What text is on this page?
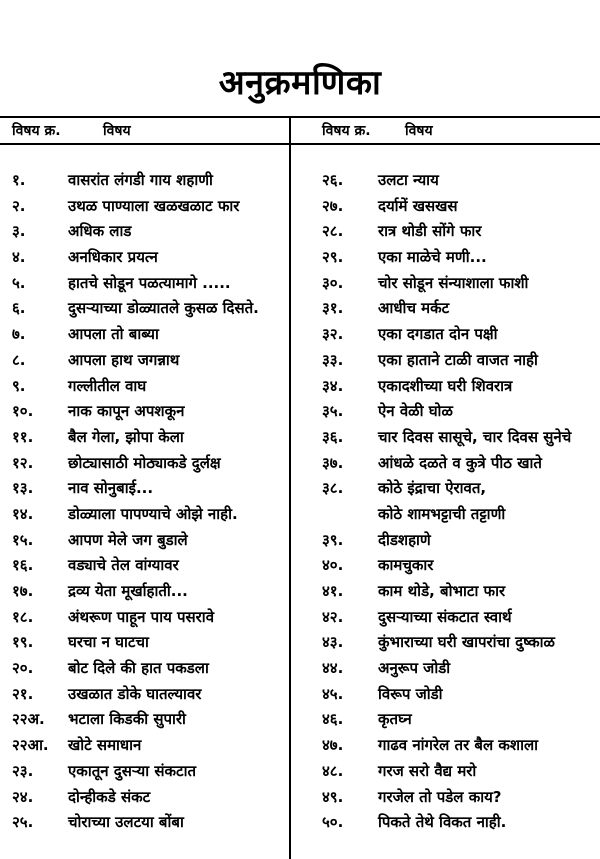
अनुक्रमणिका
विषय क्र.	विषय	विषय क्र. विषय
१.	वासरांत लंगडी गाय शहाणी
२.	उथळ पाण्याला खळखळाट फार
३.	अधिक लाड
४.	अनधिकार प्रयत्न
५.	हातचे सोडून पळत्यामागे .....
६.	दुसऱ्याच्या डोळ्यातले कुसळ दिसते.
७.	आपला तो बाब्या
८.	आपला हाथ जगन्नाथ
९.	गल्लीतील वाघ
१०. नाक कापून अपशकून
११. बैल गेला, झोपा केला
१२. छोट्यासाठी मोठ्याकडे दुर्लक्ष
१३. नाव सोनुबाई...
१४. डोळ्याला पापण्याचे ओझे नाही.
१५. आपण मेले जग बुडाले
१६. वड्याचे तेल वांग्यावर
१७. द्रव्य येता मूर्खाहाती...
१८. अंथरूण पाहून पाय पसरावे
१९. घरचा न घाटचा
२०. बोट दिले की हात पकडला
२१. उखळात डोके घातल्यावर
२२अ. भटाला किडकी सुपारी
२२आ. खोटे समाधान
२३. एकातून दुसऱ्या संकटात
२४. दोन्हीकडे संकट
२५. चोराच्या उलटया बोंबा
२६. उलटा न्याय
२७. दर्यामें खसखस
२८. रात्र थोडी सोंगे फार
२९. एका माळेचे मणी...
३०. चोर सोडून संन्याशाला फाशी
३१. आधीच मर्कट
३२. एका दगडात दोन पक्षी
३३. एका हाताने टाळी वाजत नाही
३४. एकादशीच्या घरी शिवरात्र
३५. ऐन वेळी घोळ
३६. चार दिवस सासूचे, चार दिवस सुनेचे
३७. आंधळे दळते व कुत्रे पीठ खाते
३८. कोठे इंद्राचा ऐरावत,
कोठे शामभट्टाची तट्टाणी
३९. दीडशहाणे
४०. कामचुकार
४१. काम थोडे, बोभाटा फार
४२. दुसऱ्याच्या संकटात स्वार्थ
४३. कुंभाराच्या घरी खापरांचा दुष्काळ
४४. अनुरूप जोडी
४५. विरूप जोडी
४६. कृतघ्न
४७. गाढव नांगरेल तर बैल कशाला
४८. गरज सरो वैद्य मरो
४९. गरजेल तो पडेल काय?
५०. पिकते तेथे विकत नाही.
